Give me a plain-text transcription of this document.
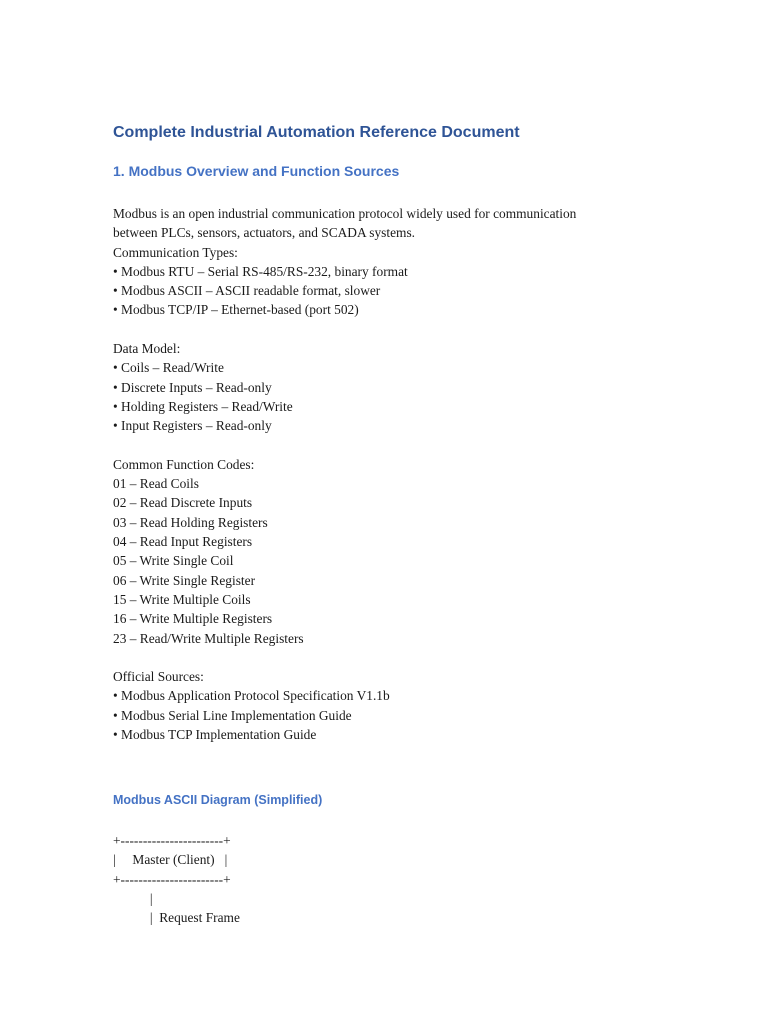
Complete Industrial Automation Reference Document
1. Modbus Overview and Function Sources

Modbus is an open industrial communication protocol widely used for communication
between PLCs, sensors, actuators, and SCADA systems.

Communication Types:
• Modbus RTU – Serial RS-485/RS-232, binary format
• Modbus ASCII – ASCII readable format, slower
• Modbus TCP/IP – Ethernet-based (port 502)
Data Model:
• Coils – Read/Write
• Discrete Inputs – Read-only
• Holding Registers – Read/Write
• Input Registers – Read-only
Common Function Codes:
01 – Read Coils
02 – Read Discrete Inputs
03 – Read Holding Registers
04 – Read Input Registers
05 – Write Single Coil
06 – Write Single Register
15 – Write Multiple Coils
16 – Write Multiple Registers
23 – Read/Write Multiple Registers
Official Sources:
• Modbus Application Protocol Specification V1.1b
• Modbus Serial Line Implementation Guide
• Modbus TCP Implementation Guide
Modbus ASCII Diagram (Simplified)
+-----------------------+
|     Master (Client)   |
+-----------------------+
|
|  Request Frame
